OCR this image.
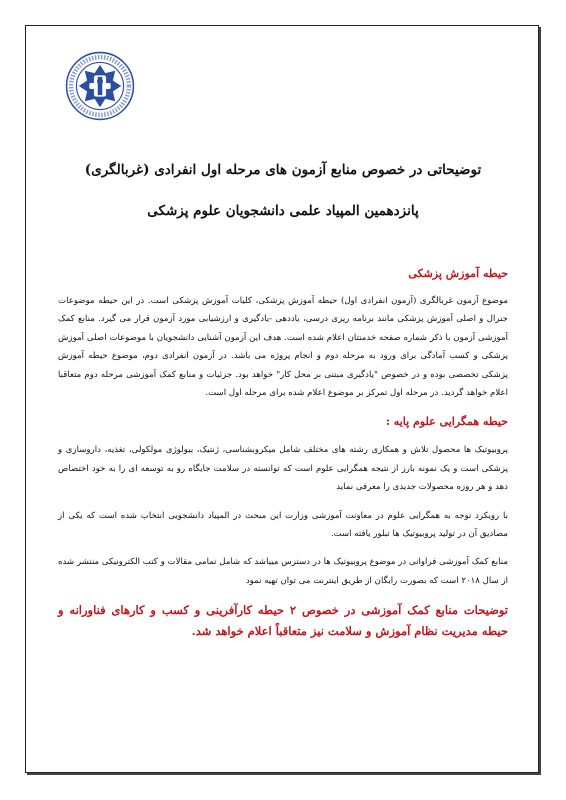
توضیحاتی در خصوص منابع آزمون های مرحله اول انفرادی (غربالگری)
پانزدهمین المپیاد علمی دانشجویان علوم پزشکی
حیطه آموزش پزشکی

موضوع آزمون غربالگری (آزمون انفرادی اول) حیطه آموزش پزشکی، کلیات آموزش پزشکی است. در این حیطه موضوعات جنرال و اصلی آموزش پزشکی مانند برنامه ریزی درسی، یاددهی -یادگیری و ارزشیابی مورد آزمون قرار می گیرد. منابع کمک آموزشی آزمون با ذکر شماره صفحه خدمتتان اعلام شده است. هدف این آزمون آشنایی دانشجویان با موضوعات اصلی آموزش پزشکی و کسب آمادگی برای ورود به مرحله دوم و انجام پروژه می باشد. در آزمون انفرادی دوم، موضوع حیطه آموزش پزشکی تخصصی بوده و در خصوص "یادگیری مبتنی بر محل کار" خواهد بود. جزئیات و منابع کمک آموزشی مرحله دوم متعاقبا اعلام خواهد گردید. در مرحله اول تمرکز بر موضوع اعلام شده برای مرحله اول است.

حیطه همگرایی علوم پایه :

پروبیوتیک ها محصول تلاش و همکاری رشته های مختلف شامل میکروبشناسی، ژنتیک، بیولوژی مولکولی، تغذیه، داروسازی و پزشکی است و یک نمونه بارز از نتیجه همگرایی علوم است که توانسته در سلامت جایگاه رو به توسعه ای را به خود اختصاص دهد و هر روزه محصولات جدیدی را معرفی نماید

با رویکرد توجه به همگرایی علوم در معاونت آموزشی وزارت این مبحث در المپیاد دانشجویی انتخاب شده است که یکی از مصادیق آن در تولید پروبیوتیک ها تبلور یافته است.

منابع کمک آموزشی فراوانی در موضوع پروبیوتیک ها در دسترس میباشد که شامل تمامی مقالات و کتب الکترونیکی منتشر شده از سال ۲۰۱۸ است که بصورت رایگان از طریق اینترنت می توان تهیه نمود

توضیحات منابع کمک آموزشی در خصوص ۲ حیطه کارآفرینی و کسب و کارهای فناورانه و حیطه مدیریت نظام آموزش و سلامت نیز متعاقباً اعلام خواهد شد.
